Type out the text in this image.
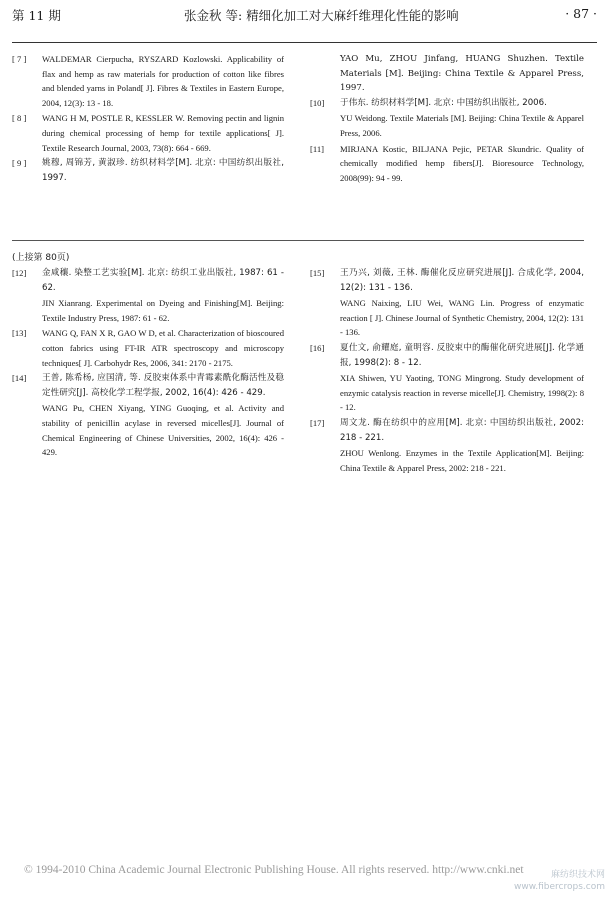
第 11 期	张金秋 等: 精细化加工对大麻纤维理化性能的影响	· 87 ·
[ 7 ]	WALDEMAR Cierpucha, RYSZARD Kozlowski. Applicability of flax and hemp as raw materials for production of cotton like fibres and blended yarns in Poland[ J]. Fibres & Textiles in Eastern Europe, 2004, 12(3): 13 - 18.

[ 8 ]	WANG H M, POSTLE R, KESSLER W. Removing pectin and lignin during chemical processing of hemp for textile applications[ J]. Textile Research Journal, 2003, 73(8): 664 - 669.

[ 9 ]	姚穆, 周锦芳, 黄淑珍. 纺织材料学[M]. 北京: 中国纺织出版社, 1997.

YAO Mu, ZHOU Jinfang, HUANG Shuzhen. Textile Materials [M]. Beijing: China Textile & Apparel Press, 1997.

[10]	于伟东. 纺织材料学[M]. 北京: 中国纺织出版社, 2006.

YU Weidong. Textile Materials [M]. Beijing: China Textile & Apparel Press, 2006.

[11]	MIRJANA Kostic, BILJANA Pejic, PETAR Skundric. Quality of chemically modified hemp fibers[J]. Bioresource Technology, 2008(99): 94 - 99.

(上接第 80页)
[12]	金咸穰. 染整工艺实验[M]. 北京: 纺织工业出版社, 1987: 61 - 62.

JIN Xianrang. Experimental on Dyeing and Finishing[M]. Beijing: Textile Industry Press, 1987: 61 - 62.

[13]	WANG Q, FAN X R, GAO W D, et al. Characterization of bioscoured cotton fabrics using FT-IR ATR spectroscopy and microscopy techniques[ J]. Carbohydr Res, 2006, 341: 2170 - 2175.

[14]	王普, 陈希杨, 应国清, 等. 反胶束体系中青霉素酰化酶活性及稳定性研究[J]. 高校化学工程学报, 2002, 16(4): 426 - 429.

WANG Pu, CHEN Xiyang, YING Guoqing, et al. Activity and stability of penicillin acylase in reversed micelles[J]. Journal of Chemical Engineering of Chinese Universities, 2002, 16(4): 426 - 429.

[15]	王乃兴, 刘薇, 王林. 酶催化反应研究进展[J]. 合成化学, 2004, 12(2): 131 - 136.

WANG Naixing, LIU Wei, WANG Lin. Progress of enzymatic reaction [ J]. Chinese Journal of Synthetic Chemistry, 2004, 12(2): 131 - 136.

[16]	夏仕文, 俞耀庭, 童明容. 反胶束中的酶催化研究进展[J]. 化学通报, 1998(2): 8 - 12.

XIA Shiwen, YU Yaoting, TONG Mingrong. Study development of enzymic catalysis reaction in reverse micelle[J]. Chemistry, 1998(2): 8 - 12.

[17]	周文龙. 酶在纺织中的应用[M]. 北京: 中国纺织出版社, 2002: 218 - 221.

ZHOU Wenlong. Enzymes in the Textile Application[M]. Beijing: China Textile & Apparel Press, 2002: 218 - 221.

© 1994-2010 China Academic Journal Electronic Publishing House. All rights reserved. http://www.cnki.net	麻纺织技术网
www.fibercrops.com
